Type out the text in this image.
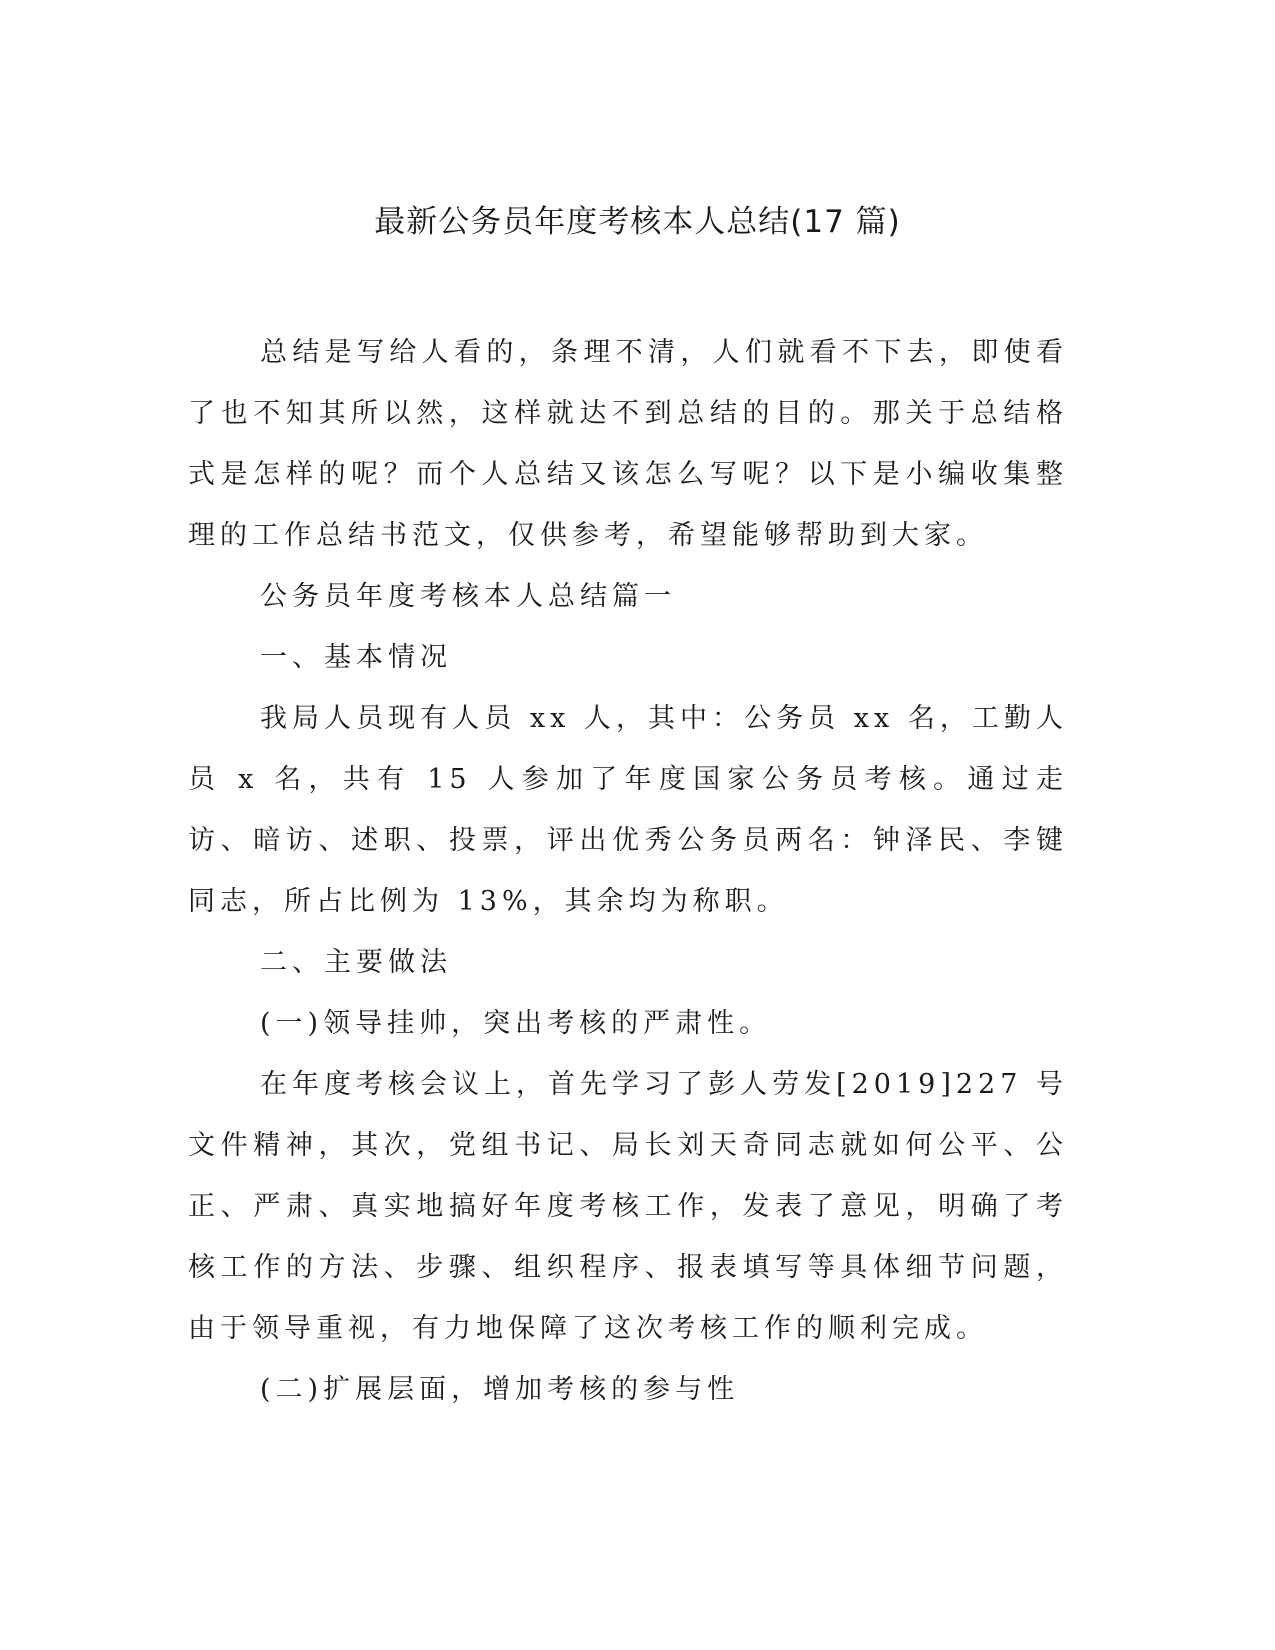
最新公务员年度考核本人总结(17 篇)

总结是写给人看的，条理不清，人们就看不下去，即使看了也不知其所以然，这样就达不到总结的目的。那关于总结格式是怎样的呢？而个人总结又该怎么写呢？以下是小编收集整理的工作总结书范文，仅供参考，希望能够帮助到大家。

公务员年度考核本人总结篇一

一、基本情况

我局人员现有人员 xx 人，其中：公务员 xx 名，工勤人员 x 名，共有 15 人参加了年度国家公务员考核。通过走访、暗访、述职、投票，评出优秀公务员两名：钟泽民、李键同志，所占比例为 13%，其余均为称职。

二、主要做法

(一)领导挂帅，突出考核的严肃性。

在年度考核会议上，首先学习了彭人劳发[2019]227 号文件精神，其次，党组书记、局长刘天奇同志就如何公平、公正、严肃、真实地搞好年度考核工作，发表了意见，明确了考核工作的方法、步骤、组织程序、报表填写等具体细节问题，由于领导重视，有力地保障了这次考核工作的顺利完成。

(二)扩展层面，增加考核的参与性
